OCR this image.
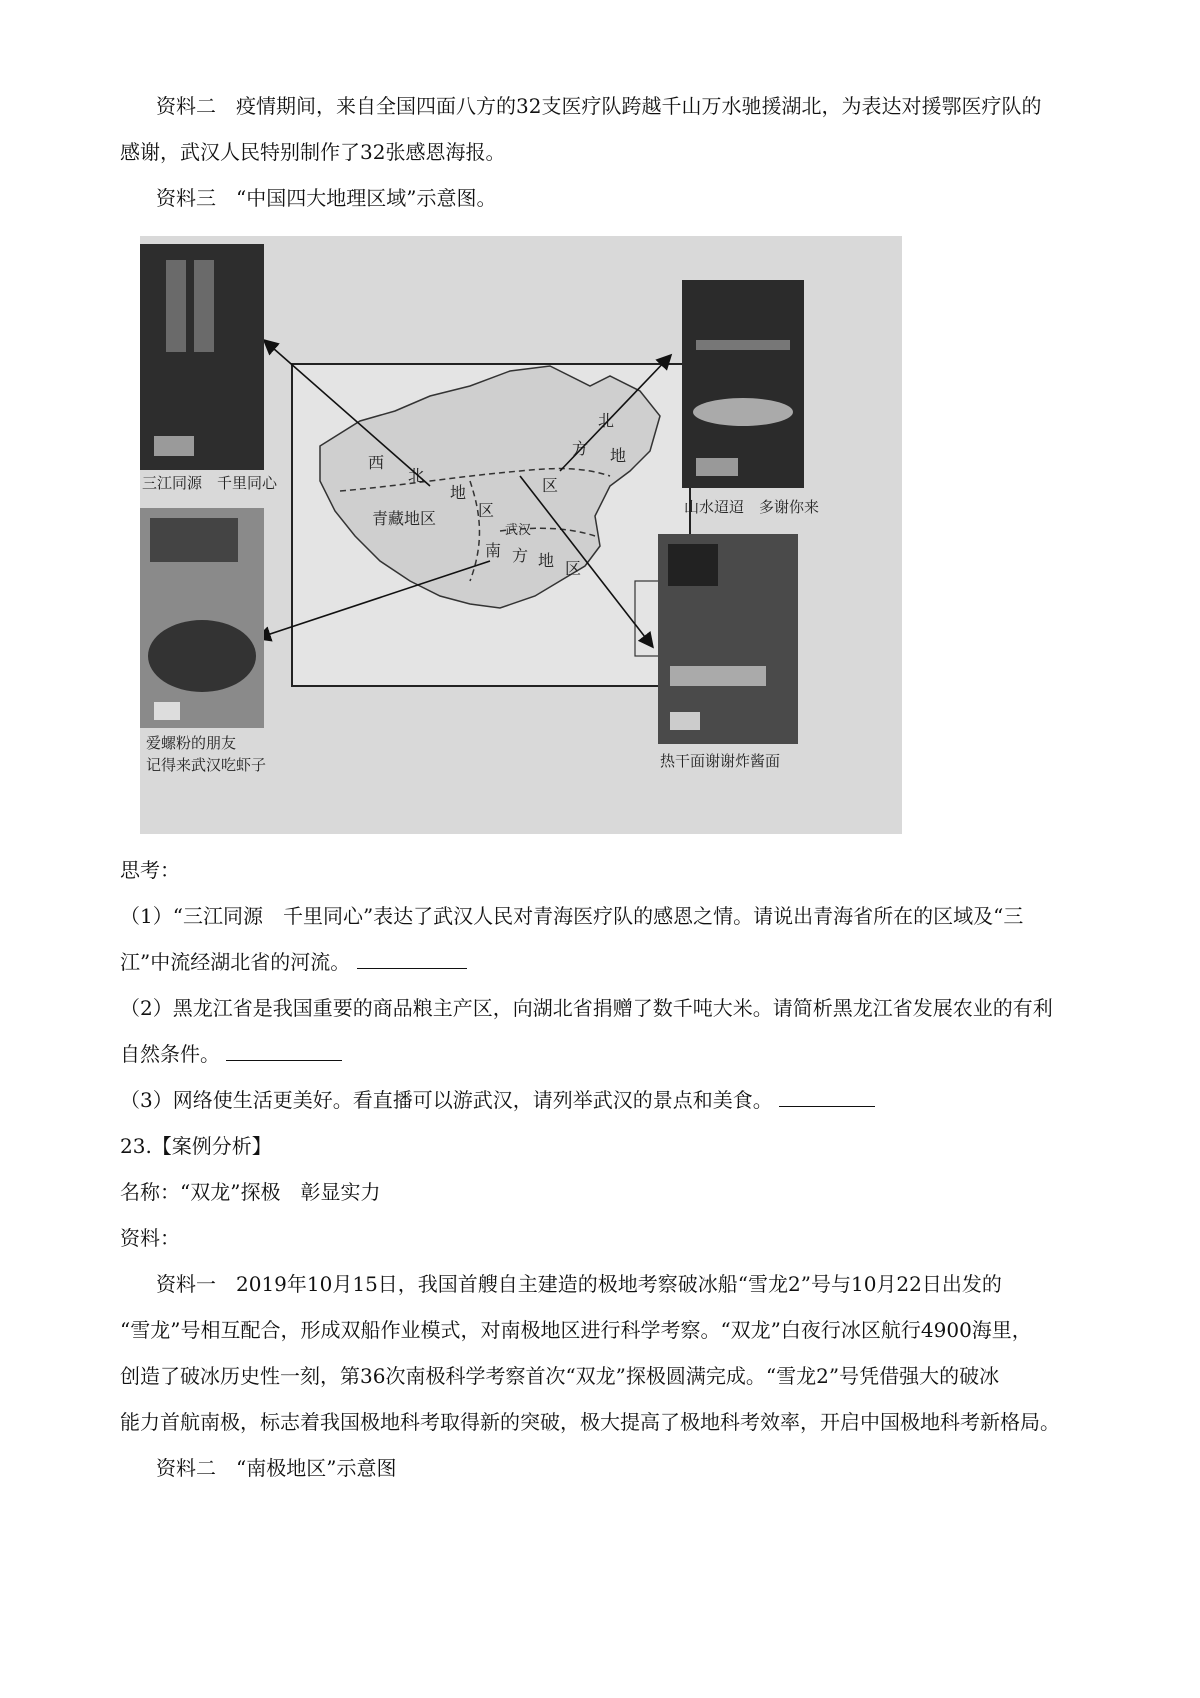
资料二　疫情期间，来自全国四面八方的32支医疗队跨越千山万水驰援湖北，为表达对援鄂医疗队的
感谢，武汉人民特别制作了32张感恩海报。
资料三　“中国四大地理区域”示意图。
西
北
地
区
北
方 地
区
青藏地区
南 方 地 区
武汉
三江同源　千里同心
山水迢迢　多谢你来
爱螺粉的朋友
记得来武汉吃虾子	热干面谢谢炸酱面
思考：
（1）“三江同源　千里同心”表达了武汉人民对青海医疗队的感恩之情。请说出青海省所在的区域及“三
江”中流经湖北省的河流。
（2）黑龙江省是我国重要的商品粮主产区，向湖北省捐赠了数千吨大米。请简析黑龙江省发展农业的有利
自然条件。
（3）网络使生活更美好。看直播可以游武汉，请列举武汉的景点和美食。
23.【案例分析】
名称：“双龙”探极　彰显实力
资料：
资料一　2019年10月15日，我国首艘自主建造的极地考察破冰船“雪龙2”号与10月22日出发的
“雪龙”号相互配合，形成双船作业模式，对南极地区进行科学考察。“双龙”白夜行冰区航行4900海里，
创造了破冰历史性一刻，第36次南极科学考察首次“双龙”探极圆满完成。“雪龙2”号凭借强大的破冰
能力首航南极，标志着我国极地科考取得新的突破，极大提高了极地科考效率，开启中国极地科考新格局。
资料二　“南极地区”示意图
